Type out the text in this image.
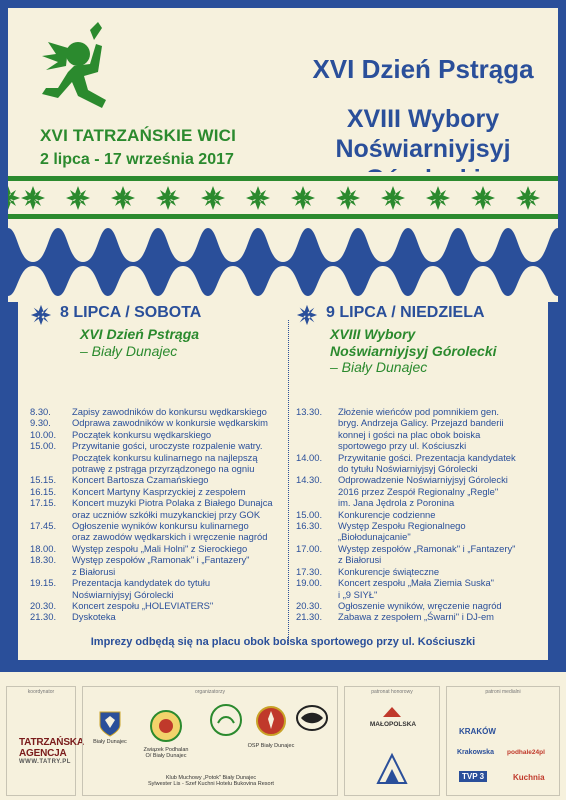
XVI TATRZAŃSKIE WICI
2 lipca - 17 września 2017
XVI Dzień Pstrąga
XVIII Wybory
Noświarniyjsyj
8 LIPCA / SOBOTA
XVI Dzień Pstrąga
– Biały Dunajec
8.30.	Zapisy zawodników do konkursu wędkarskiego
9.30.	Odprawa zawodników w konkursie wędkarskim
10.00.	Początek konkursu wędkarskiego
15.00.	Przywitanie gości, uroczyste rozpalenie watry.
Początek konkursu kulinarnego na najlepszą
potrawę z pstrąga przyrządzonego na ogniu
15.15.	Koncert Bartosza Czamańskiego
16.15.	Koncert Martyny Kasprzyckiej z zespołem
17.15.	Koncert muzyki Piotra Polaka z Białego Dunajca
oraz uczniów szkółki muzykanckiej przy GOK
17.45.	Ogłoszenie wyników konkursu kulinarnego
oraz zawodów wędkarskich i wręczenie nagród
18.00.	Występ zespołu „Mali Holni" z Sierockiego
18.30.	Występ zespołów „Ramonak" i „Fantazery"
z Białorusi
19.15.	Prezentacja kandydatek do tytułu
Noświarniyjsyj Górolecki
20.30.	Koncert zespołu „HOLEVIATERS"
21.30.	Dyskoteka
9 LIPCA / NIEDZIELA
XVIII Wybory
Noświarniyjsyj Górolecki
– Biały Dunajec
13.30.	Złożenie wieńców pod pomnikiem gen.
bryg. Andrzeja Galicy. Przejazd banderii
konnej i gości na plac obok boiska
sportowego przy ul. Kościuszki
14.00.	Przywitanie gości. Prezentacja kandydatek
do tytułu Noświarniyjsyj Górolecki
14.30.	Odprowadzenie Noświarniyjsyj Górolecki
2016 przez Zespół Regionalny „Regle"
im. Jana Jędrola z Poronina
15.00.	Konkurencje codzienne
16.30.	Występ Zespołu Regionalnego
„Biołodunajcanie"
17.00.	Występ zespołów „Ramonak" i „Fantazery"
z Białorusi
17.30.	Konkurencje świąteczne
19.00.	Koncert zespołu „Mała Ziemia Suska"
i „9 SIYŁ"
20.30.	Ogłoszenie wyników, wręczenie nagród
21.30.	Zabawa z zespołem „Śwarni" i DJ-em
Imprezy odbędą się na placu obok boiska sportowego przy ul. Kościuszki
koordynator
TATRZAŃSKA AGENCJA
WWW.TATRY.PL
organizatorzy
Biały Dunajec
Związek Podhalan
O/ Biały Dunajec
OSP Biały Dunajec
Klub Muchowy „Potok" Biały Dunajec
Sylwester Lis - Szef Kuchni Hotelu Bukovina Resort
patronat honorowy
MAŁOPOLSKA
patroni medialni
KRAKÓW
Krakowska podhale24pl
TVP 3	Kuchnia
